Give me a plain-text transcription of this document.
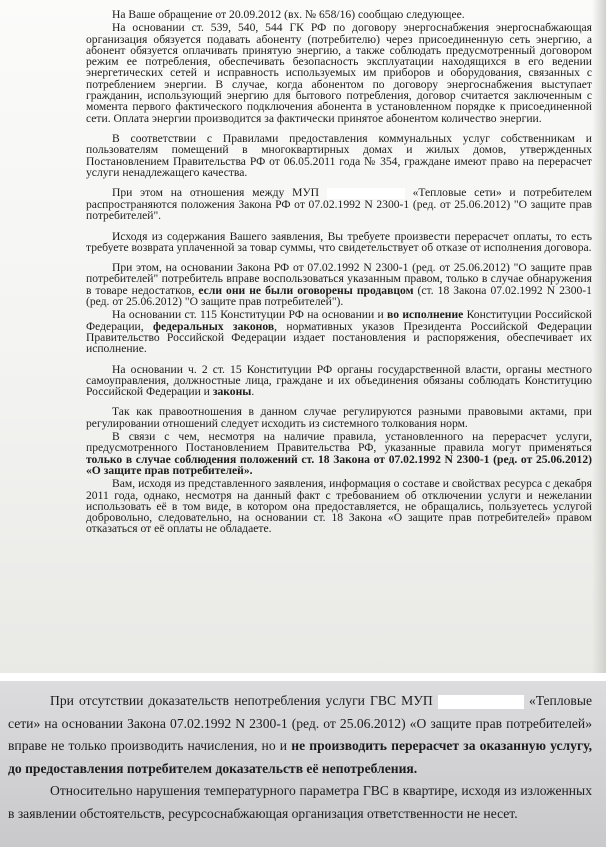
На Ваше обращение от 20.09.2012 (вх. № 658/16) сообщаю следующее.

На основании ст. 539, 540, 544 ГК РФ по договору энергоснабжения энергоснабжающая организация обязуется подавать абоненту (потребителю) через присоединенную сеть энергию, а абонент обязуется оплачивать принятую энергию, а также соблюдать предусмотренный договором режим ее потребления, обеспечивать безопасность эксплуатации находящихся в его ведении энергетических сетей и исправность используемых им приборов и оборудования, связанных с потреблением энергии. В случае, когда абонентом по договору энергоснабжения выступает гражданин, использующий энергию для бытового потребления, договор считается заключенным с момента первого фактического подключения абонента в установленном порядке к присоединенной сети. Оплата энергии производится за фактически принятое абонентом количество энергии.

В соответствии с Правилами предоставления коммунальных услуг собственникам и пользователям помещений в многоквартирных домах и жилых домов, утвержденных Постановлением Правительства РФ от 06.05.2011 года № 354, граждане имеют право на перерасчет услуги ненадлежащего качества.

При этом на отношения между МУП	«Тепловые сети» и потребителем распространяются положения Закона РФ от 07.02.1992 N 2300-1 (ред. от 25.06.2012) "О защите прав потребителей".

Исходя из содержания Вашего заявления, Вы требуете произвести перерасчет оплаты, то есть требуете возврата уплаченной за товар суммы, что свидетельствует об отказе от исполнения договора.

При этом, на основании Закона РФ от 07.02.1992 N 2300-1 (ред. от 25.06.2012) "О защите прав потребителей" потребитель вправе воспользоваться указанным правом, только в случае обнаружения в товаре недостатков, если они не были оговорены продавцом (ст. 18 Закона 07.02.1992 N 2300-1 (ред. от 25.06.2012) "О защите прав потребителей").

На основании ст. 115 Конституции РФ на основании и во исполнение Конституции Российской Федерации, федеральных законов, нормативных указов Президента Российской Федерации Правительство Российской Федерации издает постановления и распоряжения, обеспечивает их исполнение.

На основании ч. 2 ст. 15 Конституции РФ органы государственной власти, органы местного самоуправления, должностные лица, граждане и их объединения обязаны соблюдать Конституцию Российской Федерации и законы.

Так как правоотношения в данном случае регулируются разными правовыми актами, при регулировании отношений следует исходить из системного толкования норм.

В связи с чем, несмотря на наличие правила, установленного на перерасчет услуги, предусмотренного Постановлением Правительства РФ, указанные правила могут применяться только в случае соблюдения положений ст. 18 Закона от 07.02.1992 N 2300-1 (ред. от 25.06.2012) «О защите прав потребителей».

Вам, исходя из представленного заявления, информация о составе и свойствах ресурса с декабря 2011 года, однако, несмотря на данный факт с требованием об отключении услуги и нежелании использовать её в том виде, в котором она предоставляется, не обращались, пользуетесь услугой добровольно, следовательно, на основании ст. 18 Закона «О защите прав потребителей» правом отказаться от её оплаты не обладаете.

При отсутствии доказательств непотребления услуги ГВС МУП	«Тепловые сети» на основании Закона 07.02.1992 N 2300-1 (ред. от 25.06.2012) «О защите прав потребителей» вправе не только производить начисления, но и не производить перерасчет за оказанную услугу, до предоставления потребителем доказательств её непотребления.

Относительно нарушения температурного параметра ГВС в квартире, исходя из изложенных в заявлении обстоятельств, ресурсоснабжающая организация ответственности не несет.
